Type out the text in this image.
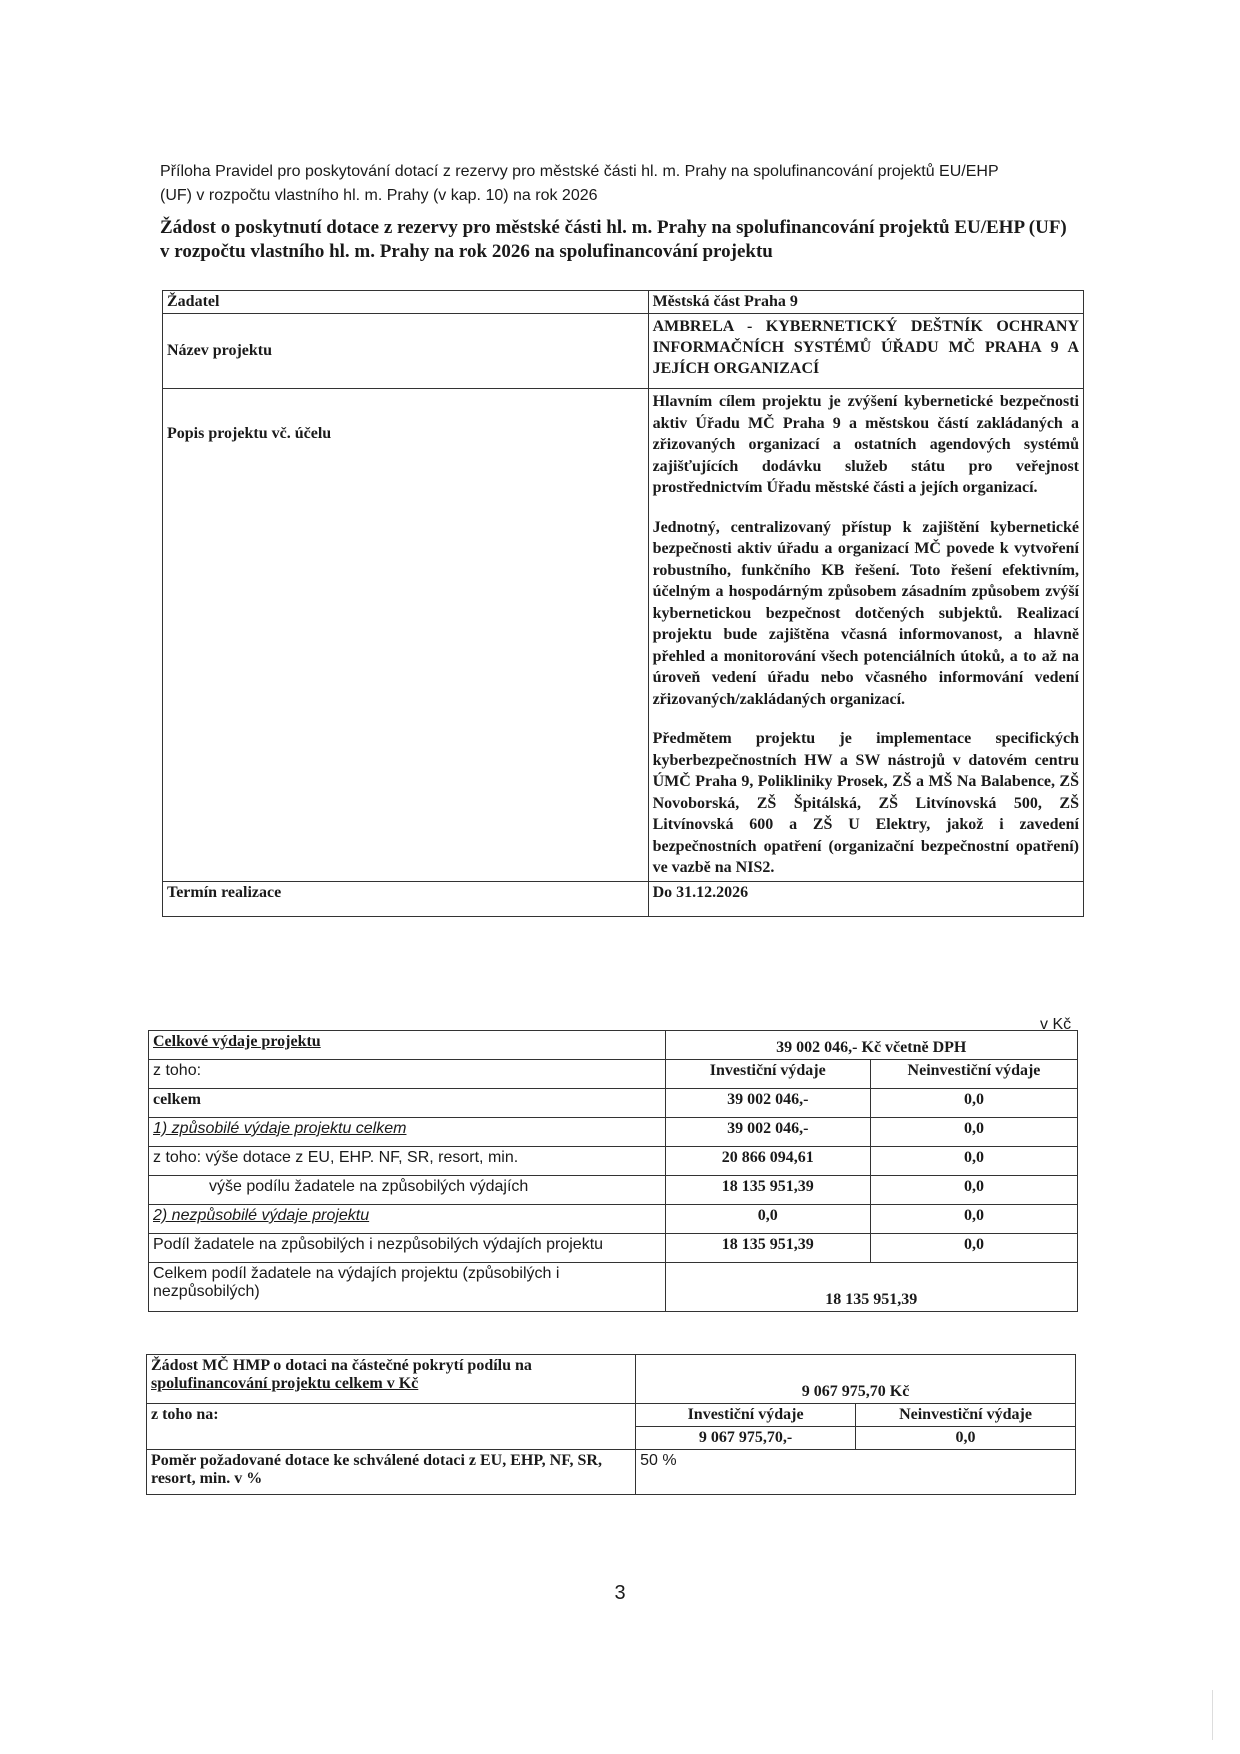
Příloha Pravidel pro poskytování dotací z rezervy pro městské části hl. m. Prahy na spolufinancování projektů EU/EHP
(UF) v rozpočtu vlastního hl. m. Prahy (v kap. 10) na rok 2026
Žádost o poskytnutí dotace z rezervy pro městské části hl. m. Prahy na spolufinancování projektů EU/EHP (UF)
v rozpočtu vlastního hl. m. Prahy na rok 2026 na spolufinancování projektu
Žadatel	Městská část Praha 9
Název projektu	AMBRELA - KYBERNETICKÝ DEŠTNÍK OCHRANY INFORMAČNÍCH SYSTÉMŮ ÚŘADU MČ PRAHA 9 A JEJÍCH ORGANIZACÍ
Popis projektu vč. účelu	Hlavním cílem projektu je zvýšení kybernetické bezpečnosti aktiv Úřadu MČ Praha 9 a městskou částí zakládaných a zřizovaných organizací a ostatních agendových systémů zajišťujících dodávku služeb státu pro veřejnost prostřednictvím Úřadu městské části a jejích organizací.

Jednotný, centralizovaný přístup k zajištění kybernetické bezpečnosti aktiv úřadu a organizací MČ povede k vytvoření robustního, funkčního KB řešení. Toto řešení efektivním, účelným a hospodárným způsobem zásadním způsobem zvýší kybernetickou bezpečnost dotčených subjektů. Realizací projektu bude zajištěna včasná informovanost, a hlavně přehled a monitorování všech potenciálních útoků, a to až na úroveň vedení úřadu nebo včasného informování vedení zřizovaných/zakládaných organizací.

Předmětem projektu je implementace specifických kyberbezpečnostních HW a SW nástrojů v datovém centru ÚMČ Praha 9, Polikliniky Prosek, ZŠ a MŠ Na Balabence, ZŠ Novoborská, ZŠ Špitálská, ZŠ Litvínovská 500, ZŠ Litvínovská 600 a ZŠ U Elektry, jakož i zavedení bezpečnostních opatření (organizační bezpečnostní opatření) ve vazbě na NIS2.

Termín realizace	Do 31.12.2026
v Kč
Celkové výdaje projektu	39 002 046,- Kč včetně DPH	
z toho:	Investiční výdaje	Neinvestiční výdaje
celkem	39 002 046,-	0,0
1) způsobilé výdaje projektu celkem	39 002 046,-	0,0
z toho: výše dotace z EU, EHP. NF, SR, resort, min.	20 866 094,61	0,0
výše podílu žadatele na způsobilých výdajích	18 135 951,39	0,0
2) nezpůsobilé výdaje projektu	0,0	0,0
Podíl žadatele na způsobilých i nezpůsobilých výdajích projektu	18 135 951,39	0,0
Celkem podíl žadatele na výdajích projektu (způsobilých i nezpůsobilých)	18 135 951,39	
Žádost MČ HMP o dotaci na částečné pokrytí podílu na
spolufinancování projektu celkem v Kč	9 067 975,70 Kč	
z toho na:	Investiční výdaje	Neinvestiční výdaje
	9 067 975,70,-	0,0
Poměr požadované dotace ke schválené dotaci z EU, EHP, NF, SR, resort, min. v %	50 %	
3
